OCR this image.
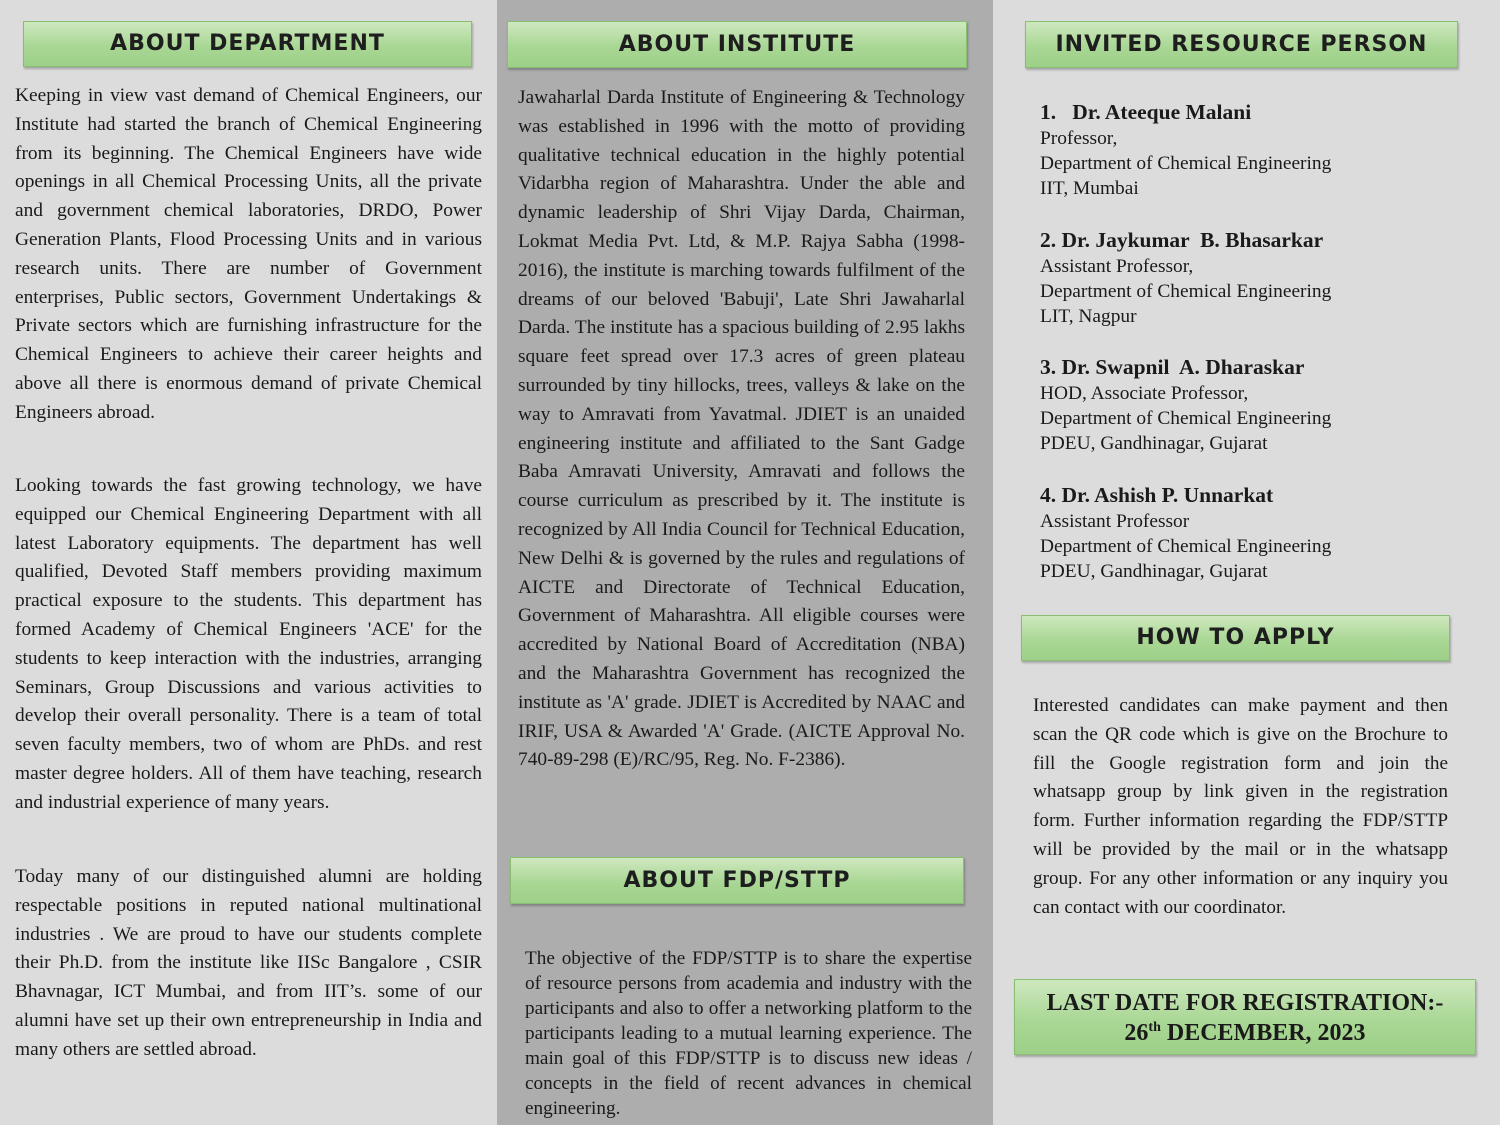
ABOUT DEPARTMENT

Keeping in view vast demand of Chemical Engineers, our Institute had started the branch of Chemical Engineering from its beginning. The Chemical Engineers have wide openings in all Chemical Processing Units, all the private and government chemical laboratories, DRDO, Power Generation Plants, Flood Processing Units and in various research units. There are number of Government enterprises, Public sectors, Government Undertakings & Private sectors which are furnishing infrastructure for the Chemical Engineers to achieve their career heights and above all there is enormous demand of private Chemical Engineers abroad.

Looking towards the fast growing technology, we have equipped our Chemical Engineering Department with all latest Laboratory equipments. The department has well qualified, Devoted Staff members providing maximum practical exposure to the students. This department has formed Academy of Chemical Engineers 'ACE' for the students to keep interaction with the industries, arranging Seminars, Group Discussions and various activities to develop their overall personality. There is a team of total seven faculty members, two of whom are PhDs. and rest master degree holders. All of them have teaching, research and industrial experience of many years.

Today many of our distinguished alumni are holding respectable positions in reputed national multinational industries . We are proud to have our students complete their Ph.D. from the institute like IISc Bangalore , CSIR Bhavnagar, ICT Mumbai, and from IIT’s. some of our alumni have set up their own entrepreneurship in India and many others are settled abroad.

ABOUT INSTITUTE

Jawaharlal Darda Institute of Engineering & Technology was established in 1996 with the motto of providing qualitative technical education in the highly potential Vidarbha region of Maharashtra. Under the able and dynamic leadership of Shri Vijay Darda, Chairman, Lokmat Media Pvt. Ltd, & M.P. Rajya Sabha (1998-2016), the institute is marching towards fulfilment of the dreams of our beloved 'Babuji', Late Shri Jawaharlal Darda. The institute has a spacious building of 2.95 lakhs square feet spread over 17.3 acres of green plateau surrounded by tiny hillocks, trees, valleys & lake on the way to Amravati from Yavatmal. JDIET is an unaided engineering institute and affiliated to the Sant Gadge Baba Amravati University, Amravati and follows the course curriculum as prescribed by it. The institute is recognized by All India Council for Technical Education, New Delhi & is governed by the rules and regulations of AICTE and Directorate of Technical Education, Government of Maharashtra. All eligible courses were accredited by National Board of Accreditation (NBA) and the Maharashtra Government has recognized the institute as 'A' grade. JDIET is Accredited by NAAC and IRIF, USA & Awarded 'A' Grade. (AICTE Approval No. 740-89-298 (E)/RC/95, Reg. No. F-2386).

ABOUT FDP/STTP

The objective of the FDP/STTP is to share the expertise of resource persons from academia and industry with the participants and also to offer a networking platform to the participants leading to a mutual learning experience. The main goal of this FDP/STTP is to discuss new ideas / concepts in the field of recent advances in chemical engineering.

INVITED RESOURCE PERSON
1.   Dr. Ateeque Malani
Professor,
Department of Chemical Engineering
IIT, Mumbai
2. Dr. Jaykumar  B. Bhasarkar
Assistant Professor,
Department of Chemical Engineering
LIT, Nagpur
3. Dr. Swapnil  A. Dharaskar
HOD, Associate Professor,
Department of Chemical Engineering
PDEU, Gandhinagar, Gujarat
4. Dr. Ashish P. Unnarkat
Assistant Professor
Department of Chemical Engineering
PDEU, Gandhinagar, Gujarat
HOW TO APPLY

Interested candidates can make payment and then scan the QR code which is give on the Brochure to fill the Google registration form and join the whatsapp group by link given in the registration form. Further information regarding the FDP/STTP will be provided by the mail or in the whatsapp group. For any other information or any inquiry you can contact with our coordinator.

LAST DATE FOR REGISTRATION:-
26th DECEMBER, 2023
